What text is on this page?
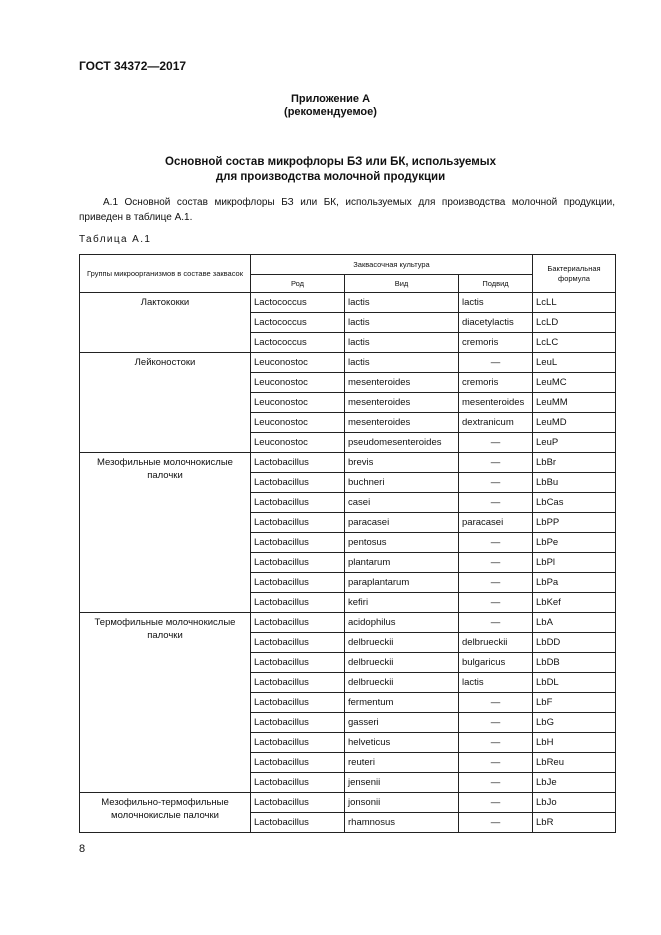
ГОСТ 34372—2017
Приложение А
(рекомендуемое)
Основной состав микрофлоры БЗ или БК, используемых
для производства молочной продукции
А.1 Основной состав микрофлоры БЗ или БК, используемых для производства молочной продукции, приведен в таблице А.1.
Таблица А.1
Группы микроорганизмов в составе заквасок	Заквасочная культура			Бактериальная формула
	Род	Вид	Подвид	
Лактококки	Lactococcus	lactis	lactis	LcLL
	Lactococcus	lactis	diacetylactis	LcLD
	Lactococcus	lactis	cremoris	LcLC
Лейконостоки	Leuconostoc	lactis	—	LeuL
	Leuconostoc	mesenteroides	cremoris	LeuMC
	Leuconostoc	mesenteroides	mesenteroides	LeuMM
	Leuconostoc	mesenteroides	dextranicum	LeuMD
	Leuconostoc	pseudomesenteroides	—	LeuP
Мезофильные молочнокислые палочки	Lactobacillus	brevis	—	LbBr
	Lactobacillus	buchneri	—	LbBu
	Lactobacillus	casei	—	LbCas
	Lactobacillus	paracasei	paracasei	LbPP
	Lactobacillus	pentosus	—	LbPe
	Lactobacillus	plantarum	—	LbPl
	Lactobacillus	paraplantarum	—	LbPa
	Lactobacillus	kefiri	—	LbKef
Термофильные молочнокислые палочки	Lactobacillus	acidophilus	—	LbA
	Lactobacillus	delbrueckii	delbrueckii	LbDD
	Lactobacillus	delbrueckii	bulgaricus	LbDB
	Lactobacillus	delbrueckii	lactis	LbDL
	Lactobacillus	fermentum	—	LbF
	Lactobacillus	gasseri	—	LbG
	Lactobacillus	helveticus	—	LbH
	Lactobacillus	reuteri	—	LbReu
	Lactobacillus	jensenii	—	LbJe
Мезофильно-термофильные молочнокислые палочки	Lactobacillus	jonsonii	—	LbJo
	Lactobacillus	rhamnosus	—	LbR
8
